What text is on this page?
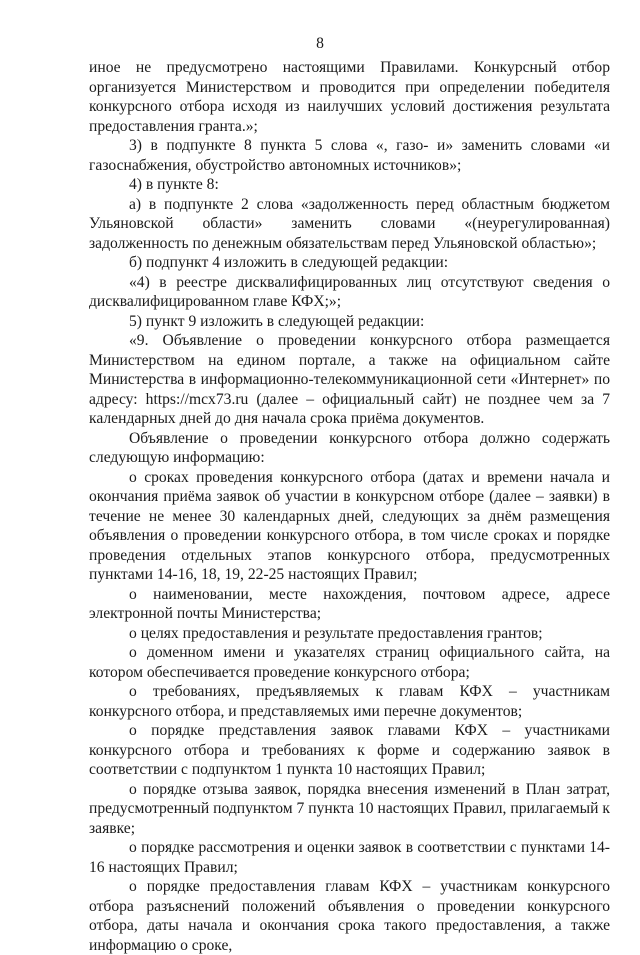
8

иное не предусмотрено настоящими Правилами. Конкурсный отбор организуется Министерством и проводится при определении победителя конкурсного отбора исходя из наилучших условий достижения результата предоставления гранта.»;

3) в подпункте 8 пункта 5 слова «, газо- и» заменить словами «и газоснабжения, обустройство автономных источников»;

4) в пункте 8:

а) в подпункте 2 слова «задолженность перед областным бюджетом Ульяновской области» заменить словами «(неурегулированная) задолженность по денежным обязательствам перед Ульяновской областью»;

б) подпункт 4 изложить в следующей редакции:

«4) в реестре дисквалифицированных лиц отсутствуют сведения о дисквалифицированном главе КФХ;»;

5) пункт 9 изложить в следующей редакции:

«9. Объявление о проведении конкурсного отбора размещается Министерством на едином портале, а также на официальном сайте Министерства в информационно-телекоммуникационной сети «Интернет» по адресу: https://mcx73.ru (далее – официальный сайт) не позднее чем за 7 календарных дней до дня начала срока приёма документов.

Объявление о проведении конкурсного отбора должно содержать следующую информацию:

о сроках проведения конкурсного отбора (датах и времени начала и окончания приёма заявок об участии в конкурсном отборе (далее – заявки) в течение не менее 30 календарных дней, следующих за днём размещения объявления о проведении конкурсного отбора, в том числе сроках и порядке проведения отдельных этапов конкурсного отбора, предусмотренных пунктами 14-16, 18, 19, 22-25 настоящих Правил;

о наименовании, месте нахождения, почтовом адресе, адресе электронной почты Министерства;

о целях предоставления и результате предоставления грантов;

о доменном имени и указателях страниц официального сайта, на котором обеспечивается проведение конкурсного отбора;

о требованиях, предъявляемых к главам КФХ – участникам конкурсного отбора, и представляемых ими перечне документов;

о порядке представления заявок главами КФХ – участниками конкурсного отбора и требованиях к форме и содержанию заявок в соответствии с подпунктом 1 пункта 10 настоящих Правил;

о порядке отзыва заявок, порядка внесения изменений в План затрат, предусмотренный подпунктом 7 пункта 10 настоящих Правил, прилагаемый к заявке;

о порядке рассмотрения и оценки заявок в соответствии с пунктами 14-16 настоящих Правил;

о порядке предоставления главам КФХ – участникам конкурсного отбора разъяснений положений объявления о проведении конкурсного отбора, даты начала и окончания срока такого предоставления, а также информацию о сроке,
